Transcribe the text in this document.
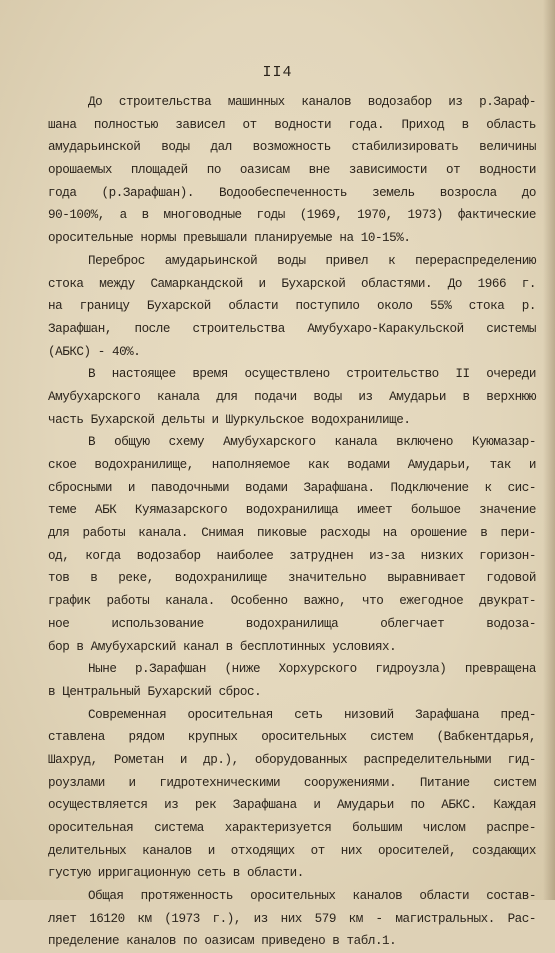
II4
До строительства машинных каналов водозабор из р.Зараф-
шана полностью зависел от водности года. Приход в область
амударьинской воды дал возможность стабилизировать величины
орошаемых площадей по оазисам вне зависимости от водности
года (р.Зарафшан). Водообеспеченность земель возросла до
90-100%, а в многоводные годы (1969, 1970, 1973) фактические
оросительные нормы превышали планируемые на 10-15%.
Переброс амударьинской воды привел к перераспределению
стока между Самаркандской и Бухарской областями. До 1966 г.
на границу Бухарской области поступило около 55% стока р.
Зарафшан, после строительства Амубухаро-Каракульской системы
(АБКС) - 40%.
В настоящее время осуществлено строительство II очереди
Амубухарского канала для подачи воды из Амударьи в верхнюю
часть Бухарской дельты и Шуркульское водохранилище.
В общую схему Амубухарского канала включено Куюмазар-
ское водохранилище, наполняемое как водами Амударьи, так и
сбросными и паводочными водами Зарафшана. Подключение к сис-
теме АБК Куямазарского водохранилища имеет большое значение
для работы канала. Снимая пиковые расходы на орошение в пери-
од, когда водозабор наиболее затруднен из-за низких горизон-
тов в реке, водохранилище значительно выравнивает годовой
график работы канала. Особенно важно, что ежегодное двукрат-
ное использование водохранилища облегчает водоза-
бор в Амубухарский канал в бесплотинных условиях.
Ныне р.Зарафшан (ниже Хорхурского гидроузла) превращена
в Центральный Бухарский сброс.
Современная оросительная сеть низовий Зарафшана пред-
ставлена рядом крупных оросительных систем (Вабкентдарья,
Шахруд, Рометан и др.), оборудованных распределительными гид-
роузлами и гидротехническими сооружениями. Питание систем
осуществляется из рек Зарафшана и Амударьи по АБКС. Каждая
оросительная система характеризуется большим числом распре-
делительных каналов и отходящих от них оросителей, создающих
густую ирригационную сеть в области.
Общая протяженность оросительных каналов области состав-
ляет 16120 км (1973 г.), из них 579 км - магистральных. Рас-
пределение каналов по оазисам приведено в табл.1.
